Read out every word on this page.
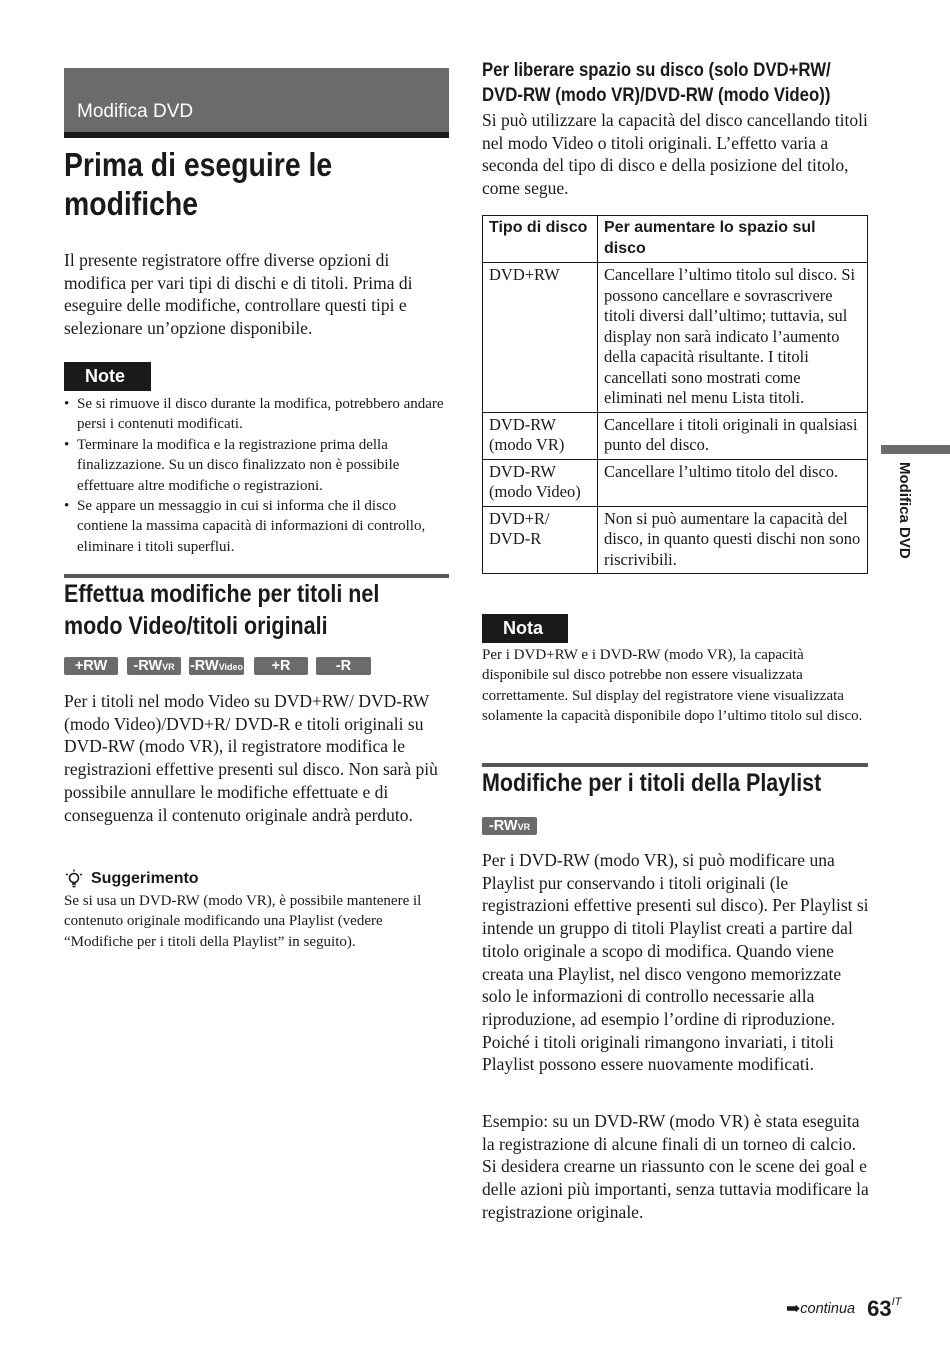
Modifica DVD
Prima di eseguire le modifiche
Il presente registratore offre diverse opzioni di modifica per vari tipi di dischi e di titoli. Prima di eseguire delle modifiche, controllare questi tipi e selezionare un’opzione disponibile.
Note
• Se si rimuove il disco durante la modifica, potrebbero andare persi i contenuti modificati.
• Terminare la modifica e la registrazione prima della finalizzazione. Su un disco finalizzato non è possibile effettuare altre modifiche o registrazioni.
• Se appare un messaggio in cui si informa che il disco contiene la massima capacità di informazioni di controllo, eliminare i titoli superflui.
Effettua modifiche per titoli nel modo Video/titoli originali
+RW	-RWVR	-RWVideo	+R	-R
Per i titoli nel modo Video su DVD+RW/ DVD-RW (modo Video)/DVD+R/ DVD-R e titoli originali su DVD-RW (modo VR), il registratore modifica le registrazioni effettive presenti sul disco. Non sarà più possibile annullare le modifiche effettuate e di conseguenza il contenuto originale andrà perduto.
Suggerimento
Se si usa un DVD-RW (modo VR), è possibile mantenere il contenuto originale modificando una Playlist (vedere “Modifiche per i titoli della Playlist” in seguito).
Per liberare spazio su disco (solo DVD+RW/ DVD-RW (modo VR)/DVD-RW (modo Video))
Si può utilizzare la capacità del disco cancellando titoli nel modo Video o titoli originali. L’effetto varia a seconda del tipo di disco e della posizione del titolo, come segue.
Tipo di disco	Per aumentare lo spazio sul disco
DVD+RW	Cancellare l’ultimo titolo sul disco. Si possono cancellare e sovrascrivere titoli diversi dall’ultimo; tuttavia, sul display non sarà indicato l’aumento della capacità risultante. I titoli cancellati sono mostrati come eliminati nel menu Lista titoli.
DVD-RW (modo VR)	Cancellare i titoli originali in qualsiasi punto del disco.
DVD-RW (modo Video)	Cancellare l’ultimo titolo del disco.
DVD+R/ DVD-R	Non si può aumentare la capacità del disco, in quanto questi dischi non sono riscrivibili.
Nota
Per i DVD+RW e i DVD-RW (modo VR), la capacità disponibile sul disco potrebbe non essere visualizzata correttamente. Sul display del registratore viene visualizzata solamente la capacità disponibile dopo l’ultimo titolo sul disco.
Modifiche per i titoli della Playlist
-RWVR
Per i DVD-RW (modo VR), si può modificare una Playlist pur conservando i titoli originali (le registrazioni effettive presenti sul disco). Per Playlist si intende un gruppo di titoli Playlist creati a partire dal titolo originale a scopo di modifica. Quando viene creata una Playlist, nel disco vengono memorizzate solo le informazioni di controllo necessarie alla riproduzione, ad esempio l’ordine di riproduzione. Poiché i titoli originali rimangono invariati, i titoli Playlist possono essere nuovamente modificati.
Esempio: su un DVD-RW (modo VR) è stata eseguita la registrazione di alcune finali di un torneo di calcio. Si desidera crearne un riassunto con le scene dei goal e delle azioni più importanti, senza tuttavia modificare la registrazione originale.
Modifica DVD
➡continua $63^{IT}$
